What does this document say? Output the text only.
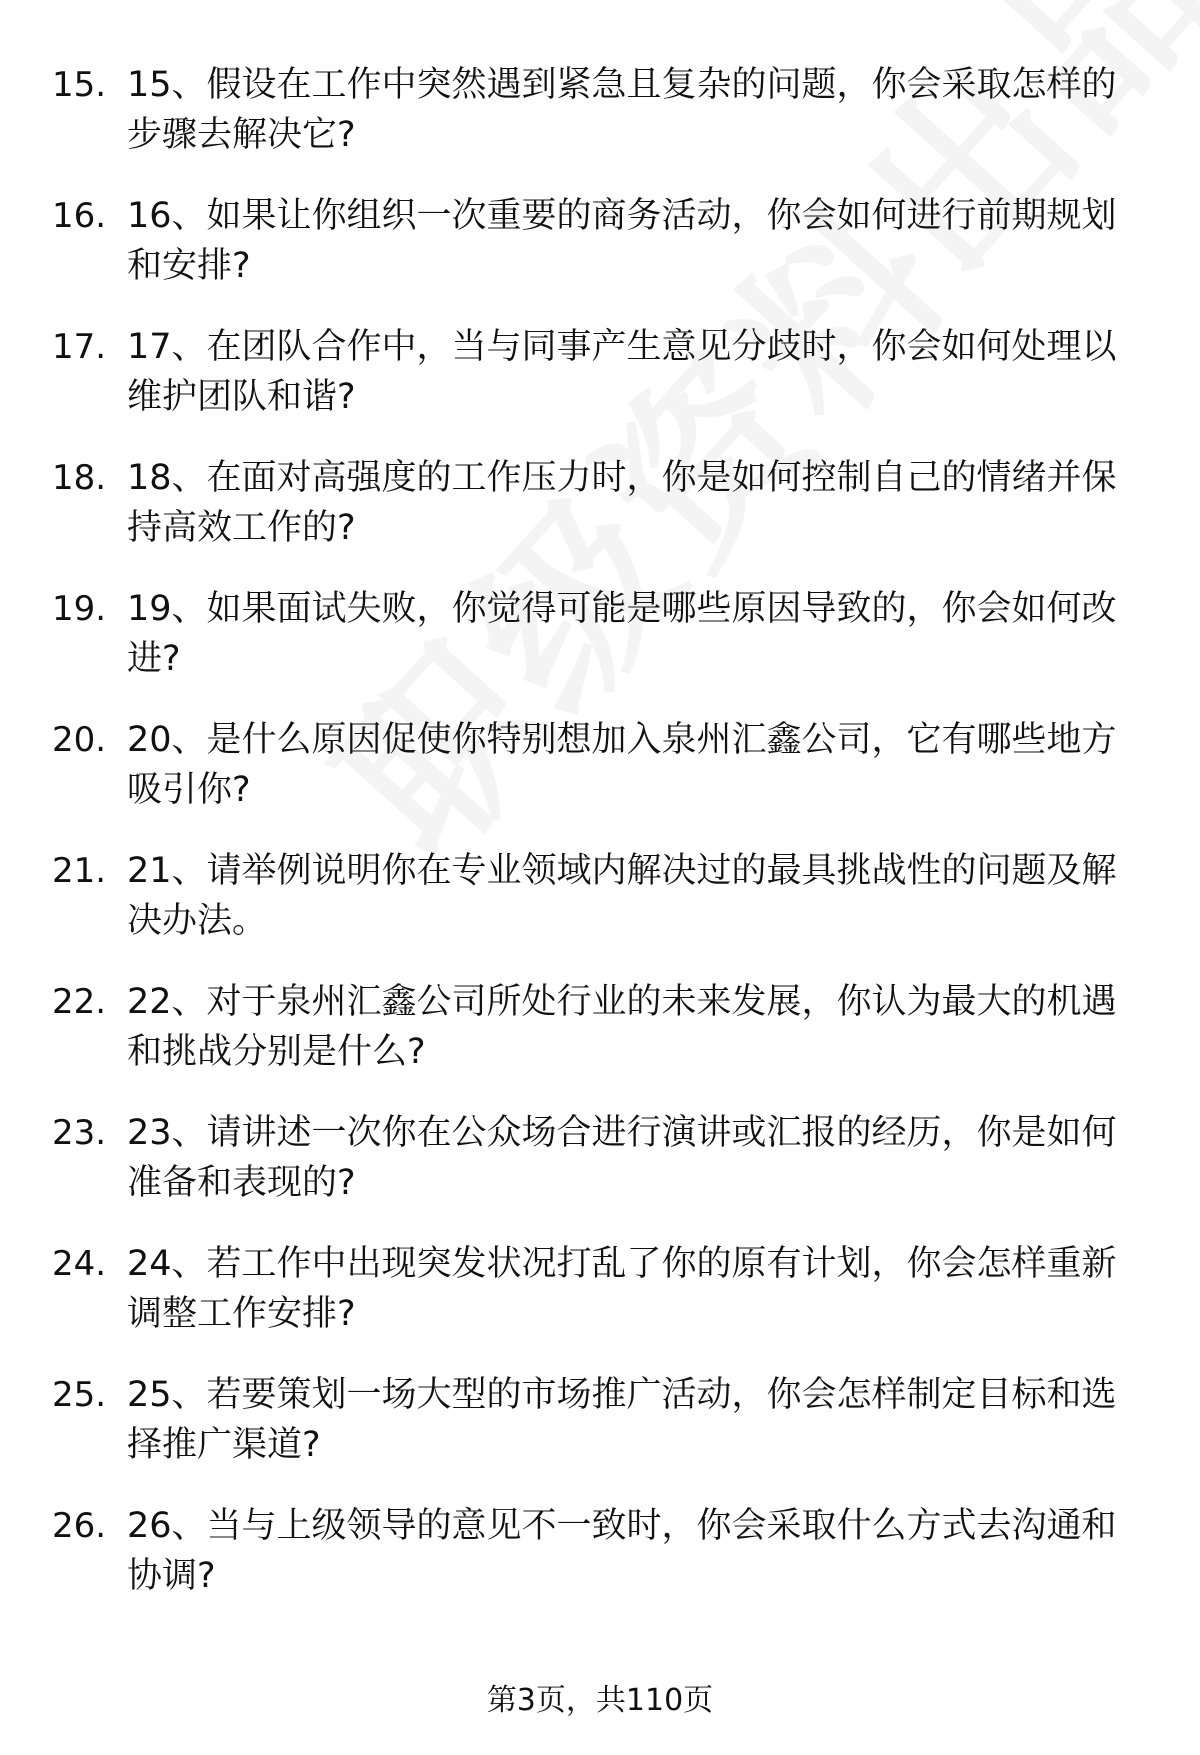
15. 15、假设在工作中突然遇到紧急且复杂的问题，你会采取怎样的步骤去解决它?
16. 16、如果让你组织一次重要的商务活动，你会如何进行前期规划和安排?
17. 17、在团队合作中，当与同事产生意见分歧时，你会如何处理以维护团队和谐?
18. 18、在面对高强度的工作压力时，你是如何控制自己的情绪并保持高效工作的?
19. 19、如果面试失败，你觉得可能是哪些原因导致的，你会如何改进?
20. 20、是什么原因促使你特别想加入泉州汇鑫公司，它有哪些地方吸引你?
21. 21、请举例说明你在专业领域内解决过的最具挑战性的问题及解决办法。
22. 22、对于泉州汇鑫公司所处行业的未来发展，你认为最大的机遇和挑战分别是什么?
23. 23、请讲述一次你在公众场合进行演讲或汇报的经历，你是如何准备和表现的?
24. 24、若工作中出现突发状况打乱了你的原有计划，你会怎样重新调整工作安排?
25. 25、若要策划一场大型的市场推广活动，你会怎样制定目标和选择推广渠道?
26. 26、当与上级领导的意见不一致时，你会采取什么方式去沟通和协调?
第3页，共110页
